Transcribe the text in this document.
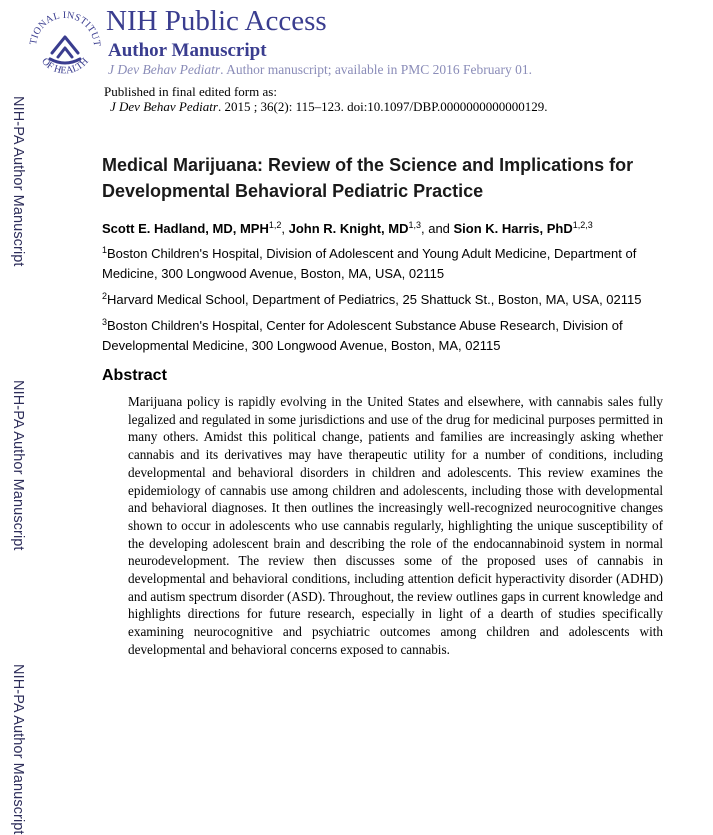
NIH-PA Author Manuscript
NIH-PA Author Manuscript
NIH-PA Author Manuscript
TIONAL INSTITUT
OF HEALTH
NIH Public Access
Author Manuscript
J Dev Behav Pediatr. Author manuscript; available in PMC 2016 February 01.
Published in final edited form as:
J Dev Behav Pediatr. 2015 ; 36(2): 115–123. doi:10.1097/DBP.0000000000000129.
Medical Marijuana: Review of the Science and Implications for Developmental Behavioral Pediatric Practice
Scott E. Hadland, MD, MPH$^{1,2}$, John R. Knight, MD$^{1,3}$, and Sion K. Harris, PhD$^{1,2,3}$
$^1$Boston Children's Hospital, Division of Adolescent and Young Adult Medicine, Department of Medicine, 300 Longwood Avenue, Boston, MA, USA, 02115
$^2$Harvard Medical School, Department of Pediatrics, 25 Shattuck St., Boston, MA, USA, 02115
$^3$Boston Children's Hospital, Center for Adolescent Substance Abuse Research, Division of Developmental Medicine, 300 Longwood Avenue, Boston, MA, 02115
Abstract
Marijuana policy is rapidly evolving in the United States and elsewhere, with cannabis sales fully legalized and regulated in some jurisdictions and use of the drug for medicinal purposes permitted in many others. Amidst this political change, patients and families are increasingly asking whether cannabis and its derivatives may have therapeutic utility for a number of conditions, including developmental and behavioral disorders in children and adolescents. This review examines the epidemiology of cannabis use among children and adolescents, including those with developmental and behavioral diagnoses. It then outlines the increasingly well-recognized neurocognitive changes shown to occur in adolescents who use cannabis regularly, highlighting the unique susceptibility of the developing adolescent brain and describing the role of the endocannabinoid system in normal neurodevelopment. The review then discusses some of the proposed uses of cannabis in developmental and behavioral conditions, including attention deficit hyperactivity disorder (ADHD) and autism spectrum disorder (ASD). Throughout, the review outlines gaps in current knowledge and highlights directions for future research, especially in light of a dearth of studies specifically examining neurocognitive and psychiatric outcomes among children and adolescents with developmental and behavioral concerns exposed to cannabis.
